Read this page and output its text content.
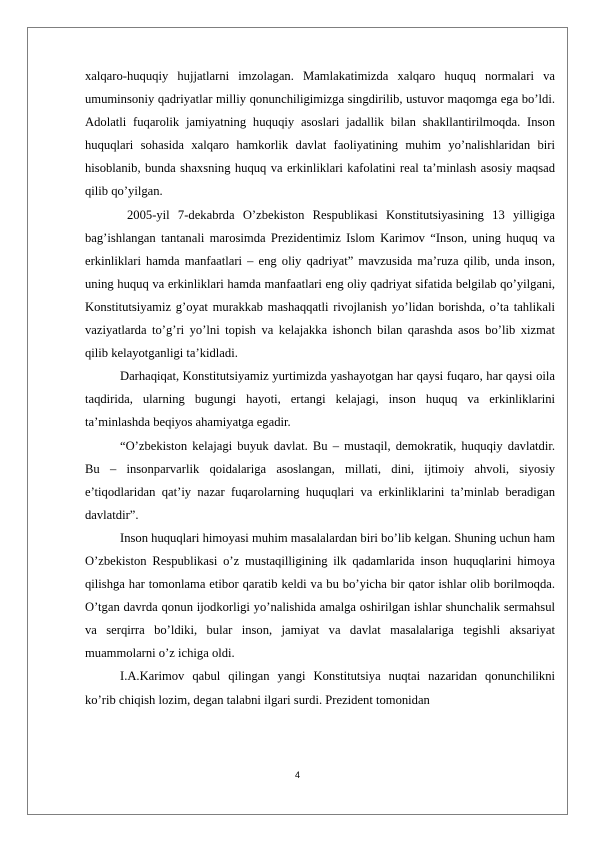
xalqaro-huquqiy hujjatlarni imzolagan. Mamlakatimizda xalqaro huquq normalari va umuminsoniy qadriyatlar milliy qonunchiligimizga singdirilib, ustuvor maqomga ega bo’ldi. Adolatli fuqarolik jamiyatning huquqiy asoslari jadallik bilan shakllantirilmoqda. Inson huquqlari sohasida xalqaro hamkorlik davlat faoliyatining muhim yo’nalishlaridan biri hisoblanib, bunda shaxsning huquq va erkinliklari kafolatini real ta’minlash asosiy maqsad qilib qo’yilgan.

2005-yil 7-dekabrda O’zbekiston Respublikasi Konstitutsiyasining 13 yilligiga bag’ishlangan tantanali marosimda Prezidentimiz Islom Karimov “Inson, uning huquq va erkinliklari hamda manfaatlari – eng oliy qadriyat” mavzusida ma’ruza qilib, unda inson, uning huquq va erkinliklari hamda manfaatlari eng oliy qadriyat sifatida belgilab qo’yilgani, Konstitutsiyamiz g’oyat murakkab mashaqqatli rivojlanish yo’lidan borishda, o’ta tahlikali vaziyatlarda to’g’ri yo’lni topish va kelajakka ishonch bilan qarashda asos bo’lib xizmat qilib kelayotganligi ta’kidladi.

Darhaqiqat, Konstitutsiyamiz yurtimizda yashayotgan har qaysi fuqaro, har qaysi oila taqdirida, ularning bugungi hayoti, ertangi kelajagi, inson huquq va erkinliklarini ta’minlashda beqiyos ahamiyatga egadir.

“O’zbekiston kelajagi buyuk davlat. Bu – mustaqil, demokratik, huquqiy davlatdir. Bu – insonparvarlik qoidalariga asoslangan, millati, dini, ijtimoiy ahvoli, siyosiy e’tiqodlaridan qat’iy nazar fuqarolarning huquqlari va erkinliklarini ta’minlab beradigan davlatdir”.

Inson huquqlari himoyasi muhim masalalardan biri bo’lib kelgan. Shuning uchun ham O’zbekiston Respublikasi o’z mustaqilligining ilk qadamlarida inson huquqlarini himoya qilishga har tomonlama etibor qaratib keldi va bu bo’yicha bir qator ishlar olib borilmoqda. O’tgan davrda qonun ijodkorligi yo’nalishida amalga oshirilgan ishlar shunchalik sermahsul va serqirra bo’ldiki, bular inson, jamiyat va davlat masalalariga tegishli aksariyat muammolarni o’z ichiga oldi.

I.A.Karimov qabul qilingan yangi Konstitutsiya nuqtai nazaridan qonunchilikni ko’rib chiqish lozim, degan talabni ilgari surdi. Prezident tomonidan

4
